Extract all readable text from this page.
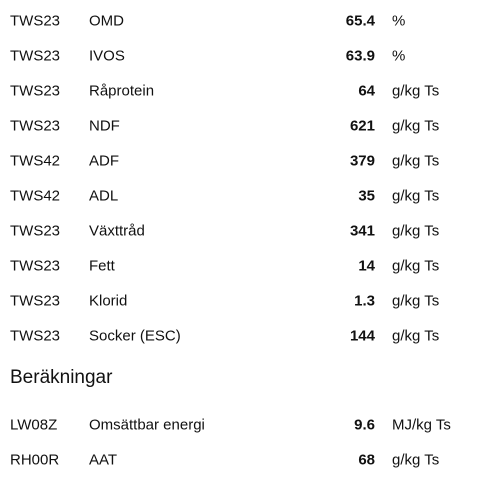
TWS23 OMD	65.4 %
TWS23 IVOS	63.9 %
TWS23 Råprotein	64 g/kg Ts
TWS23 NDF	621 g/kg Ts
TWS42 ADF	379 g/kg Ts
TWS42 ADL	35 g/kg Ts
TWS23 Växttråd	341 g/kg Ts
TWS23 Fett	14 g/kg Ts
TWS23 Klorid	1.3 g/kg Ts
TWS23 Socker (ESC)	144 g/kg Ts
Beräkningar
LW08Z Omsättbar energi	9.6 MJ/kg Ts
RH00R AAT	68 g/kg Ts
